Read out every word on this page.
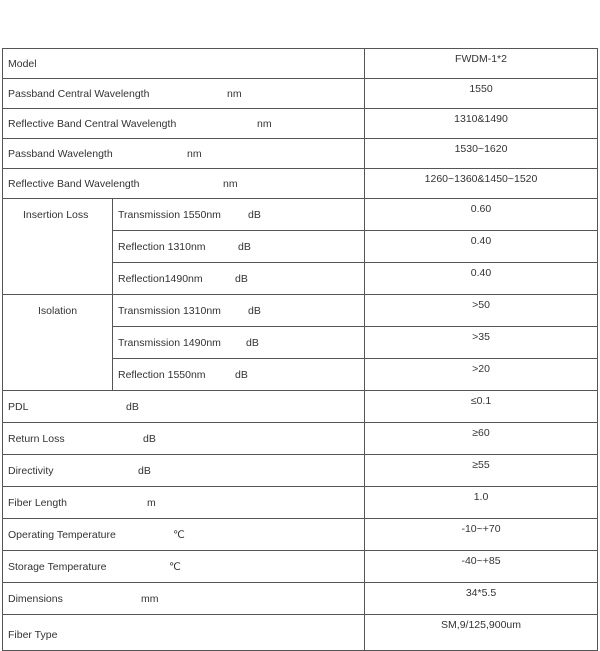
Model		FWDM-1*2
Passband Central Wavelength nm		1550
Reflective Band Central Wavelength nm		1310&1490
Passband Wavelength nm		1530~1620
Reflective Band Wavelength nm		1260~1360&1450~1520
Insertion Loss	Transmission 1550nm dB	0.60
	Reflection 1310nm dB	0.40
	Reflection1490nm dB	0.40
Isolation	Transmission 1310nm dB	>50
	Transmission 1490nm dB	>35
	Reflection 1550nm dB	>20
PDL dB		≤0.1
Return Loss dB		≥60
Directivity dB		≥55
Fiber Length m		1.0
Operating Temperature ℃		-10~+70
Storage Temperature ℃		-40~+85
Dimensions mm		34*5.5
Fiber Type		SM,9/125,900um
